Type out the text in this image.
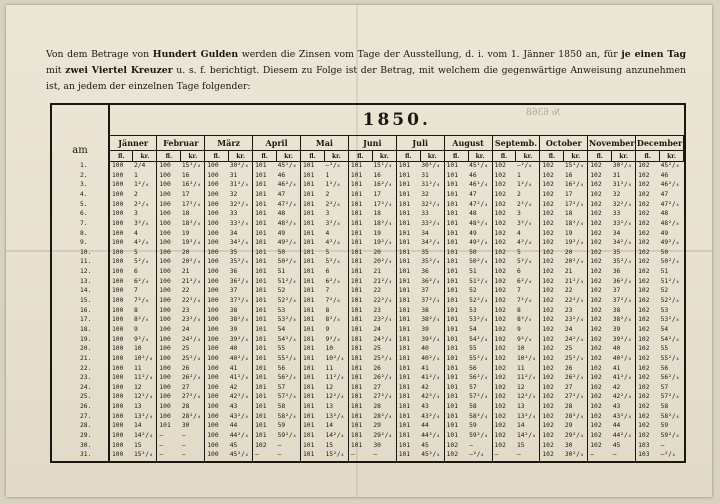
Von dem Betrage von Hundert Gulden werden die Zinsen vom Tage der Ausstellung, d. i. vom 1. Jänner 1850 an, für je einen Tag mit zwei Viertel Kreuzer u. s. f. berichtigt. Diesem zu Folge ist der Betrag, mit welchem die gegenwärtige Anweisung anzunehmen ist, an jedem der einzelnen Tage folgender:
№ 6368
am	1850.																							
	Jänner		Februar		März		April		Mai		Juni		Juli		August		Septemb.		October		November		December	
	fl.	kr.	fl.	kr.	fl.	kr.	fl.	kr.	fl.	kr.	fl.	kr.	fl.	kr.	fl.	kr.	fl.	kr.	fl.	kr.	fl.	kr.	fl.	kr.
1.	100	2/4	100	15¹/₄	100	30²/₄	101	45¹/₄	101	—²/₄	101	15¹/₄	101	30¹/₄	101	45¹/₄	102	—²/₄	102	15¹/₄	102	30²/₄	102	45²/₄
2.	100	1	100	16	100	31	101	46	101	1	101	16	101	31	101	46	102	1	102	16	102	31	102	46
3.	100	1²/₄	100	16²/₄	100	31²/₄	101	46²/₄	101	1²/₄	101	16²/₄	101	31²/₄	101	46²/₄	102	1²/₄	102	16²/₄	102	31²/₄	102	46²/₄
4.	100	2	100	17	100	32	101	47	101	2	101	17	101	32	101	47	102	2	102	17	102	32	102	47
5.	100	2²/₄	100	17²/₄	100	32²/₄	101	47²/₄	101	2²/₄	101	17²/₄	101	32²/₄	101	47²/₄	102	2²/₄	102	17²/₄	102	32²/₄	102	47²/₄
6.	100	3	100	18	100	33	101	48	101	3	101	18	101	33	101	48	102	3	102	18	102	33	102	48
7.	100	3²/₄	100	18²/₄	100	33²/₄	101	48²/₄	101	3²/₄	101	18²/₄	101	33²/₄	101	48²/₄	102	3²/₄	102	18²/₄	102	33²/₄	102	48²/₄
8.	100	4	100	19	100	34	101	49	101	4	101	19	101	34	101	49	102	4	102	19	102	34	102	49
9.	100	4²/₄	100	19²/₄	100	34²/₄	101	49²/₄	101	4²/₄	101	19²/₄	101	34²/₄	101	49²/₄	102	4²/₄	102	19²/₄	102	34²/₄	102	49²/₄
10.	100	5	100	20	100	35	101	50	101	5	101	20	101	35	101	50	102	5	102	20	102	35	102	50
11.	100	5²/₄	100	20²/₄	100	35²/₄	101	50²/₄	101	5²/₄	101	20²/₄	101	35²/₄	101	50²/₄	102	5²/₄	102	20²/₄	102	35²/₄	102	50²/₄
12.	100	6	100	21	100	36	101	51	101	6	101	21	101	36	101	51	102	6	102	21	102	36	102	51
13.	100	6²/₄	100	21²/₄	100	36²/₄	101	51²/₄	101	6²/₄	101	21²/₄	101	36²/₄	101	51²/₄	102	6²/₄	102	21²/₄	102	36²/₄	102	51²/₄
14.	100	7	100	22	100	37	101	52	101	7	101	22	101	37	101	52	102	7	102	22	102	37	102	52
15.	100	7²/₄	100	22²/₄	100	37²/₄	101	52²/₄	101	7²/₄	101	22²/₄	101	37²/₄	101	52²/₄	102	7²/₄	102	22²/₄	102	37²/₄	102	52²/₄
16.	100	8	100	23	100	38	101	53	101	8	101	23	101	38	101	53	102	8	102	23	102	38	102	53
17.	100	8²/₄	100	23²/₄	100	38²/₄	101	53²/₄	101	8²/₄	101	23²/₄	101	38²/₄	101	53²/₄	102	8²/₄	102	23²/₄	102	38²/₄	102	53²/₄
18.	100	9	100	24	100	39	101	54	101	9	101	24	101	39	101	54	102	9	102	24	102	39	102	54
19.	100	9²/₄	100	24²/₄	100	39²/₄	101	54²/₄	101	9²/₄	101	24²/₄	101	39²/₄	101	54²/₄	102	9²/₄	102	24²/₄	102	39²/₄	102	54²/₄
20.	100	10	100	25	100	40	101	55	101	10	101	25	101	40	101	55	102	10	102	25	102	40	102	55
21.	100	10²/₄	100	25²/₄	100	40²/₄	101	55²/₄	101	10²/₄	101	25²/₄	101	40²/₄	101	55²/₄	102	10²/₄	102	25²/₄	102	40²/₄	102	55²/₄
22.	100	11	100	26	100	41	101	56	101	11	101	26	101	41	101	56	102	11	102	26	102	41	102	56
23.	100	11²/₄	100	26²/₄	100	41²/₄	101	56²/₄	101	11²/₄	101	26²/₄	101	41²/₄	101	56²/₄	102	11²/₄	102	26²/₄	102	41²/₄	102	56²/₄
24.	100	12	100	27	100	42	101	57	101	12	101	27	101	42	101	57	102	12	102	27	102	42	102	57
25.	100	12²/₄	100	27²/₄	100	42²/₄	101	57²/₄	101	12²/₄	101	27²/₄	101	42²/₄	101	57²/₄	102	12²/₄	102	27²/₄	102	42²/₄	102	57²/₄
26.	100	13	100	28	100	43	101	58	101	13	101	28	101	43	101	58	102	13	102	28	102	43	102	58
27.	100	13²/₄	100	28²/₄	100	43²/₄	101	58²/₄	101	13²/₄	101	28²/₄	101	43²/₄	101	58²/₄	102	13²/₄	102	28²/₄	102	43²/₄	102	58²/₄
28.	100	14	101	30	100	44	101	59	101	14	101	29	101	44	101	59	102	14	102	29	102	44	102	59
29.	100	14²/₄	—	—	100	44²/₄	101	59²/₄	101	14²/₄	101	29²/₄	101	44²/₄	101	59²/₄	102	14²/₄	102	29²/₄	102	44²/₄	102	59²/₄
30.	100	15	—	—	100	45	102	—	101	15	101	30	101	45	102	—	102	15	102	30	102	45	103	—
31.	100	15²/₄	—	—	100	45²/₄	—	—	101	15²/₄	—	—	101	45²/₄	102	—²/₄	—	—	102	30²/₄	—	—	103	—²/₄
